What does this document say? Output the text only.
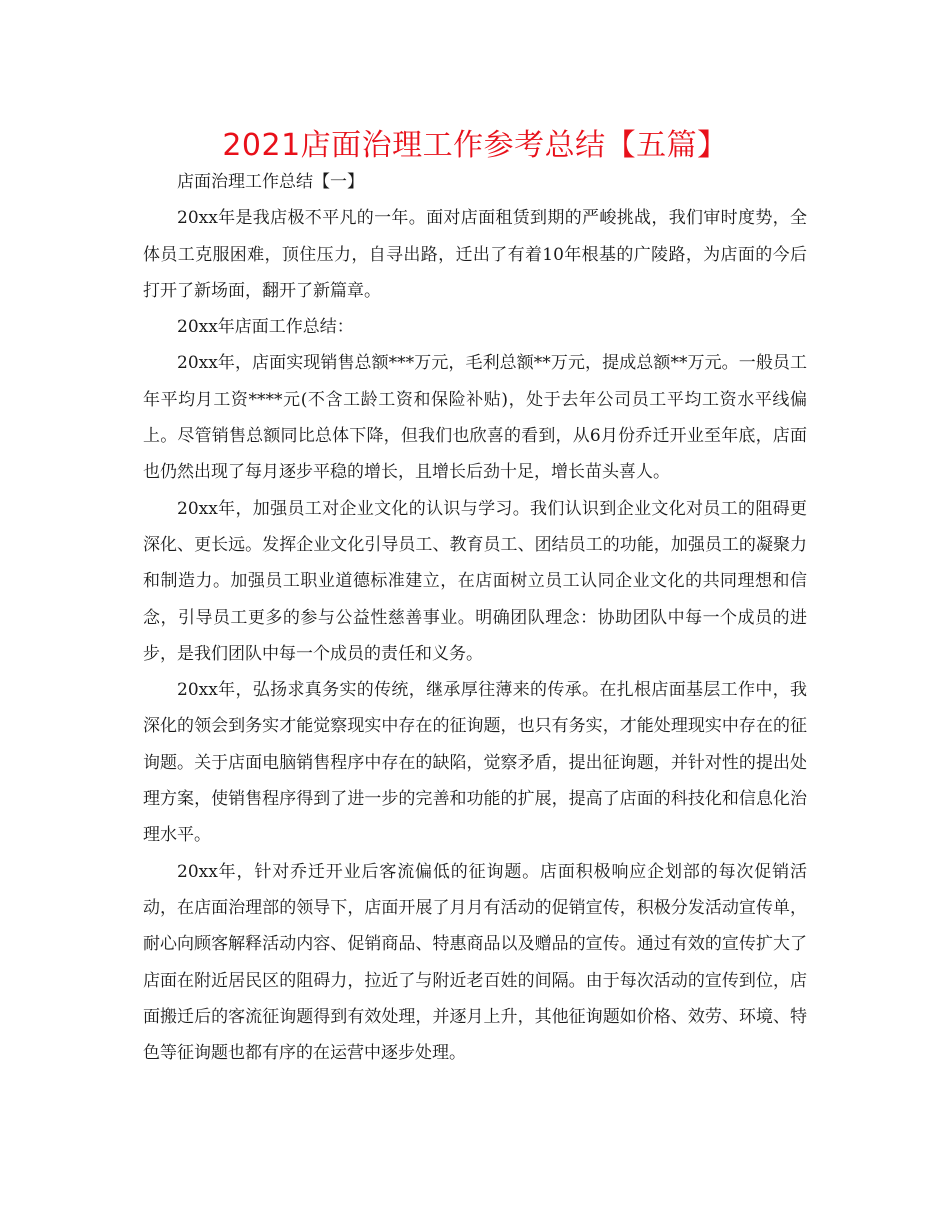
2021店面治理工作参考总结【五篇】

店面治理工作总结【一】

20xx年是我店极不平凡的一年。面对店面租赁到期的严峻挑战，我们审时度势，全体员工克服困难，顶住压力，自寻出路，迁出了有着10年根基的广陵路，为店面的今后打开了新场面，翻开了新篇章。

20xx年店面工作总结：

20xx年，店面实现销售总额***万元，毛利总额**万元，提成总额**万元。一般员工年平均月工资****元(不含工龄工资和保险补贴)，处于去年公司员工平均工资水平线偏上。尽管销售总额同比总体下降，但我们也欣喜的看到，从6月份乔迁开业至年底，店面也仍然出现了每月逐步平稳的增长，且增长后劲十足，增长苗头喜人。

20xx年，加强员工对企业文化的认识与学习。我们认识到企业文化对员工的阻碍更深化、更长远。发挥企业文化引导员工、教育员工、团结员工的功能，加强员工的凝聚力和制造力。加强员工职业道德标准建立，在店面树立员工认同企业文化的共同理想和信念，引导员工更多的参与公益性慈善事业。明确团队理念：协助团队中每一个成员的进步，是我们团队中每一个成员的责任和义务。

20xx年，弘扬求真务实的传统，继承厚往薄来的传承。在扎根店面基层工作中，我深化的领会到务实才能觉察现实中存在的征询题，也只有务实，才能处理现实中存在的征询题。关于店面电脑销售程序中存在的缺陷，觉察矛盾，提出征询题，并针对性的提出处理方案，使销售程序得到了进一步的完善和功能的扩展，提高了店面的科技化和信息化治理水平。

20xx年，针对乔迁开业后客流偏低的征询题。店面积极响应企划部的每次促销活动，在店面治理部的领导下，店面开展了月月有活动的促销宣传，积极分发活动宣传单，耐心向顾客解释活动内容、促销商品、特惠商品以及赠品的宣传。通过有效的宣传扩大了店面在附近居民区的阻碍力，拉近了与附近老百姓的间隔。由于每次活动的宣传到位，店面搬迁后的客流征询题得到有效处理，并逐月上升，其他征询题如价格、效劳、环境、特色等征询题也都有序的在运营中逐步处理。
